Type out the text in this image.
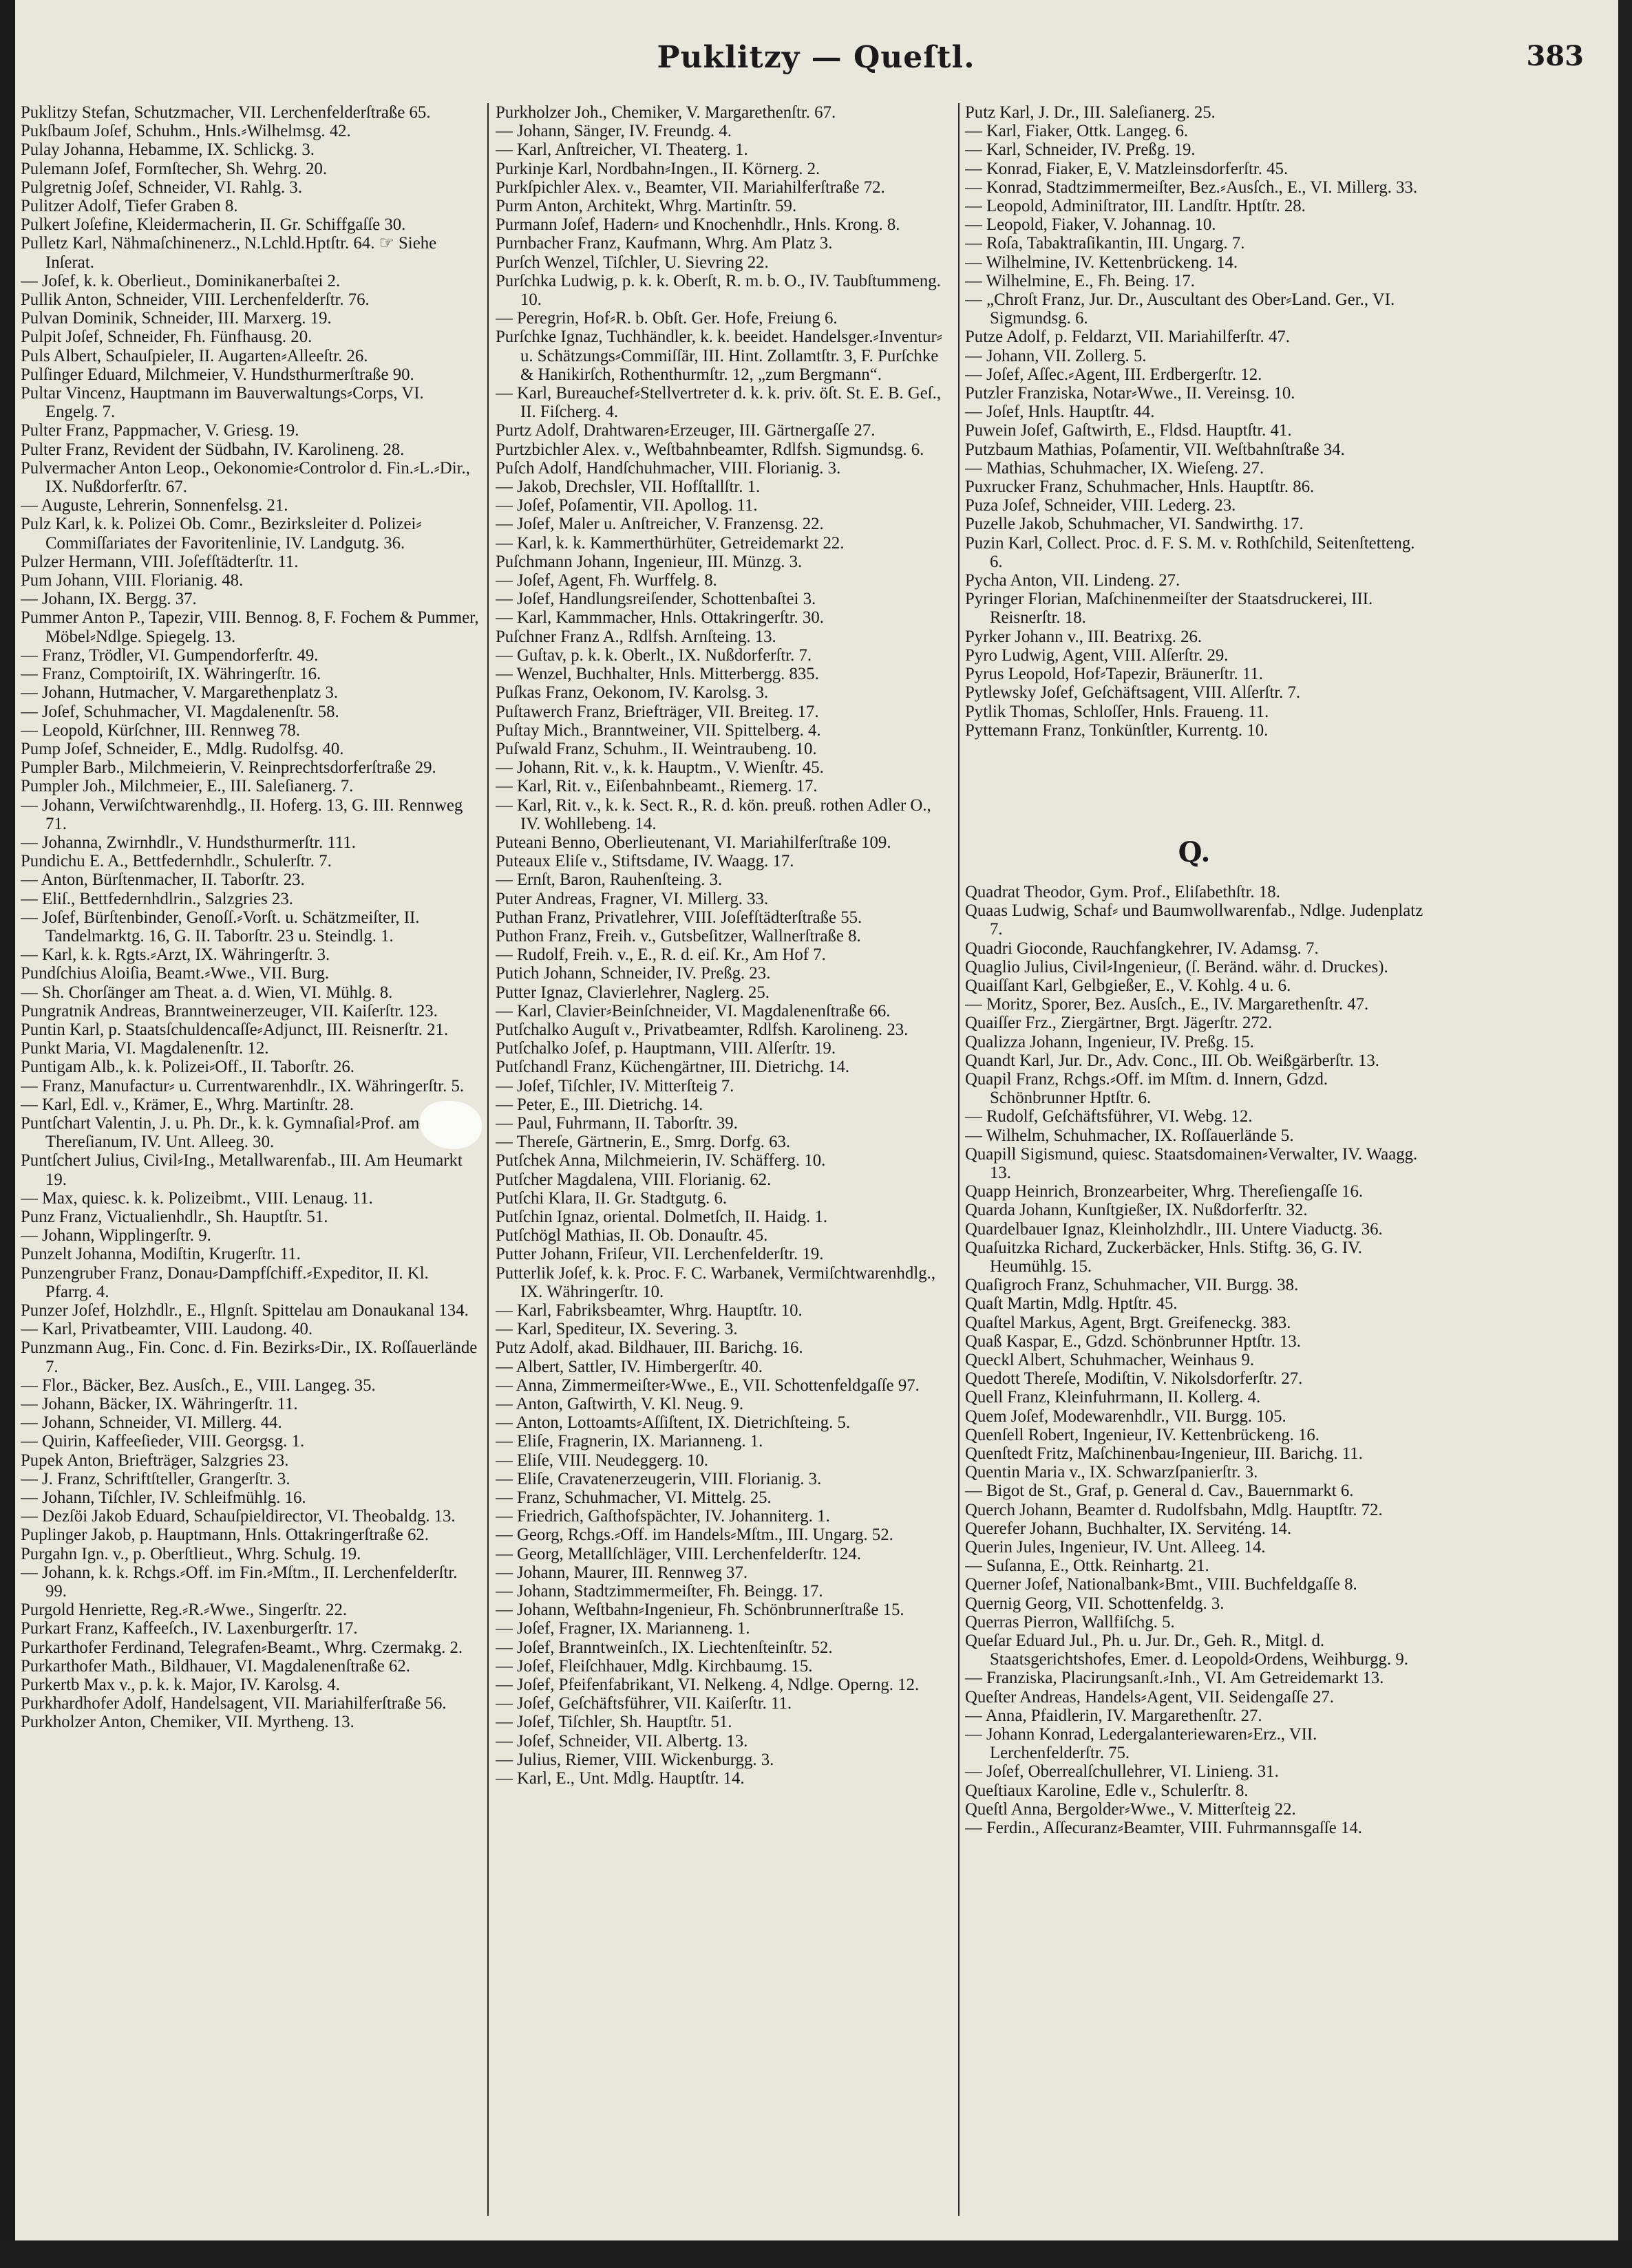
Puklitzy — Queſtl.	383

Puklitzy Stefan, Schutzmacher, VII. Lerchenfelderſtraße 65.

Pukſbaum Joſef, Schuhm., Hnls.⸗Wilhelmsg. 42.

Pulay Johanna, Hebamme, IX. Schlickg. 3.

Pulemann Joſef, Formſtecher, Sh. Wehrg. 20.

Pulgretnig Joſef, Schneider, VI. Rahlg. 3.

Pulitzer Adolf, Tiefer Graben 8.

Pulkert Joſefine, Kleidermacherin, II. Gr. Schiffgaſſe 30.

Pulletz Karl, Nähmaſchinenerz., N.Lchld.Hptſtr. 64. ☞ Siehe Inſerat.

— Joſef, k. k. Oberlieut., Dominikanerbaſtei 2.

Pullik Anton, Schneider, VIII. Lerchenfelderſtr. 76.

Pulvan Dominik, Schneider, III. Marxerg. 19.

Pulpit Joſef, Schneider, Fh. Fünfhausg. 20.

Puls Albert, Schauſpieler, II. Augarten⸗Alleeſtr. 26.

Pulſinger Eduard, Milchmeier, V. Hundsthurmerſtraße 90.

Pultar Vincenz, Hauptmann im Bauverwaltungs⸗Corps, VI. Engelg. 7.

Pulter Franz, Pappmacher, V. Griesg. 19.

Pulter Franz, Revident der Südbahn, IV. Karolineng. 28.

Pulvermacher Anton Leop., Oekonomie⸗Controlor d. Fin.⸗L.⸗Dir., IX. Nußdorferſtr. 67.

— Auguste, Lehrerin, Sonnenfelsg. 21.

Pulz Karl, k. k. Polizei Ob. Comr., Bezirksleiter d. Polizei⸗Commiſſariates der Favoritenlinie, IV. Landgutg. 36.

Pulzer Hermann, VIII. Joſefſtädterſtr. 11.

Pum Johann, VIII. Florianig. 48.

— Johann, IX. Bergg. 37.

Pummer Anton P., Tapezir, VIII. Bennog. 8, F. Fochem & Pummer, Möbel⸗Ndlge. Spiegelg. 13.

— Franz, Trödler, VI. Gumpendorferſtr. 49.

— Franz, Comptoiriſt, IX. Währingerſtr. 16.

— Johann, Hutmacher, V. Margarethenplatz 3.

— Joſef, Schuhmacher, VI. Magdalenenſtr. 58.

— Leopold, Kürſchner, III. Rennweg 78.

Pump Joſef, Schneider, E., Mdlg. Rudolfsg. 40.

Pumpler Barb., Milchmeierin, V. Reinprechtsdorferſtraße 29.

Pumpler Joh., Milchmeier, E., III. Saleſianerg. 7.

— Johann, Verwiſchtwarenhdlg., II. Hoferg. 13, G. III. Rennweg 71.

— Johanna, Zwirnhdlr., V. Hundsthurmerſtr. 111.

Pundichu E. A., Bettfedernhdlr., Schulerſtr. 7.

— Anton, Bürſtenmacher, II. Taborſtr. 23.

— Eliſ., Bettfedernhdlrin., Salzgries 23.

— Joſef, Bürſtenbinder, Genoſſ.⸗Vorſt. u. Schätzmeiſter, II. Tandelmarktg. 16, G. II. Taborſtr. 23 u. Steindlg. 1.

— Karl, k. k. Rgts.⸗Arzt, IX. Währingerſtr. 3.

Pundſchius Aloiſia, Beamt.⸗Wwe., VII. Burg.

— Sh. Chorſänger am Theat. a. d. Wien, VI. Mühlg. 8.

Pungratnik Andreas, Branntweinerzeuger, VII. Kaiſerſtr. 123.

Puntin Karl, p. Staatsſchuldencaſſe⸗Adjunct, III. Reisnerſtr. 21.

Punkt Maria, VI. Magdalenenſtr. 12.

Puntigam Alb., k. k. Polizei⸗Off., II. Taborſtr. 26.

— Franz, Manufactur⸗ u. Currentwarenhdlr., IX. Währingerſtr. 5.

— Karl, Edl. v., Krämer, E., Whrg. Martinſtr. 28.

Puntſchart Valentin, J. u. Ph. Dr., k. k. Gymnaſial⸗Prof. am Thereſianum, IV. Unt. Alleeg. 30.

Puntſchert Julius, Civil⸗Ing., Metallwarenfab., III. Am Heumarkt 19.

— Max, quiesc. k. k. Polizeibmt., VIII. Lenaug. 11.

Punz Franz, Victualienhdlr., Sh. Hauptſtr. 51.

— Johann, Wipplingerſtr. 9.

Punzelt Johanna, Modiſtin, Krugerſtr. 11.

Punzengruber Franz, Donau⸗Dampfſchiff.⸗Expeditor, II. Kl. Pfarrg. 4.

Punzer Joſef, Holzhdlr., E., Hlgnſt. Spittelau am Donaukanal 134.

— Karl, Privatbeamter, VIII. Laudong. 40.

Punzmann Aug., Fin. Conc. d. Fin. Bezirks⸗Dir., IX. Roſſauerlände 7.

— Flor., Bäcker, Bez. Ausſch., E., VIII. Langeg. 35.

— Johann, Bäcker, IX. Währingerſtr. 11.

— Johann, Schneider, VI. Millerg. 44.

— Quirin, Kaffeeſieder, VIII. Georgsg. 1.

Pupek Anton, Briefträger, Salzgries 23.

— J. Franz, Schriftſteller, Grangerſtr. 3.

— Johann, Tiſchler, IV. Schleifmühlg. 16.

— Dezſöi Jakob Eduard, Schauſpieldirector, VI. Theobaldg. 13.

Puplinger Jakob, p. Hauptmann, Hnls. Ottakringerſtraße 62.

Purgahn Ign. v., p. Oberſtlieut., Whrg. Schulg. 19.

— Johann, k. k. Rchgs.⸗Off. im Fin.⸗Mſtm., II. Lerchenfelderſtr. 99.

Purgold Henriette, Reg.⸗R.⸗Wwe., Singerſtr. 22.

Purkart Franz, Kaffeeſch., IV. Laxenburgerſtr. 17.

Purkarthofer Ferdinand, Telegrafen⸗Beamt., Whrg. Czermakg. 2.

Purkarthofer Math., Bildhauer, VI. Magdalenenſtraße 62.

Purkertb Max v., p. k. k. Major, IV. Karolsg. 4.

Purkhardhofer Adolf, Handelsagent, VII. Mariahilferſtraße 56.

Purkholzer Anton, Chemiker, VII. Myrtheng. 13.

Purkholzer Joh., Chemiker, V. Margarethenſtr. 67.

— Johann, Sänger, IV. Freundg. 4.

— Karl, Anſtreicher, VI. Theaterg. 1.

Purkinje Karl, Nordbahn⸗Ingen., II. Körnerg. 2.

Purkſpichler Alex. v., Beamter, VII. Mariahilferſtraße 72.

Purm Anton, Architekt, Whrg. Martinſtr. 59.

Purmann Joſef, Hadern⸗ und Knochenhdlr., Hnls. Krong. 8.

Purnbacher Franz, Kaufmann, Whrg. Am Platz 3.

Purſch Wenzel, Tiſchler, U. Sievring 22.

Purſchka Ludwig, p. k. k. Oberſt, R. m. b. O., IV. Taubſtummeng. 10.

— Peregrin, Hof⸗R. b. Obſt. Ger. Hofe, Freiung 6.

Purſchke Ignaz, Tuchhändler, k. k. beeidet. Handelsger.⸗Inventur⸗ u. Schätzungs⸗Commiſſär, III. Hint. Zollamtſtr. 3, F. Purſchke & Hanikirſch, Rothenthurmſtr. 12, „zum Bergmann“.

— Karl, Bureauchef⸗Stellvertreter d. k. k. priv. öſt. St. E. B. Geſ., II. Fiſcherg. 4.

Purtz Adolf, Drahtwaren⸗Erzeuger, III. Gärtnergaſſe 27.

Purtzbichler Alex. v., Weſtbahnbeamter, Rdlfsh. Sigmundsg. 6.

Puſch Adolf, Handſchuhmacher, VIII. Florianig. 3.

— Jakob, Drechsler, VII. Hofſtallſtr. 1.

— Joſef, Poſamentir, VII. Apollog. 11.

— Joſef, Maler u. Anſtreicher, V. Franzensg. 22.

— Karl, k. k. Kammerthürhüter, Getreidemarkt 22.

Puſchmann Johann, Ingenieur, III. Münzg. 3.

— Joſef, Agent, Fh. Wurffelg. 8.

— Joſef, Handlungsreiſender, Schottenbaſtei 3.

— Karl, Kammmacher, Hnls. Ottakringerſtr. 30.

Puſchner Franz A., Rdlfsh. Arnſteing. 13.

— Guſtav, p. k. k. Oberlt., IX. Nußdorferſtr. 7.

— Wenzel, Buchhalter, Hnls. Mitterbergg. 835.

Puſkas Franz, Oekonom, IV. Karolsg. 3.

Puſtawerch Franz, Briefträger, VII. Breiteg. 17.

Puſtay Mich., Branntweiner, VII. Spittelberg. 4.

Puſwald Franz, Schuhm., II. Weintraubeng. 10.

— Johann, Rit. v., k. k. Hauptm., V. Wienſtr. 45.

— Karl, Rit. v., Eiſenbahnbeamt., Riemerg. 17.

— Karl, Rit. v., k. k. Sect. R., R. d. kön. preuß. rothen Adler O., IV. Wohllebeng. 14.

Puteani Benno, Oberlieutenant, VI. Mariahilferſtraße 109.

Puteaux Eliſe v., Stiftsdame, IV. Waagg. 17.

— Ernſt, Baron, Rauhenſteing. 3.

Puter Andreas, Fragner, VI. Millerg. 33.

Puthan Franz, Privatlehrer, VIII. Joſefſtädterſtraße 55.

Puthon Franz, Freih. v., Gutsbeſitzer, Wallnerſtraße 8.

— Rudolf, Freih. v., E., R. d. eiſ. Kr., Am Hof 7.

Putich Johann, Schneider, IV. Preßg. 23.

Putter Ignaz, Clavierlehrer, Naglerg. 25.

— Karl, Clavier⸗Beinſchneider, VI. Magdalenenſtraße 66.

Putſchalko Auguſt v., Privatbeamter, Rdlfsh. Karolineng. 23.

Putſchalko Joſef, p. Hauptmann, VIII. Alſerſtr. 19.

Putſchandl Franz, Küchengärtner, III. Dietrichg. 14.

— Joſef, Tiſchler, IV. Mitterſteig 7.

— Peter, E., III. Dietrichg. 14.

— Paul, Fuhrmann, II. Taborſtr. 39.

— Thereſe, Gärtnerin, E., Smrg. Dorfg. 63.

Putſchek Anna, Milchmeierin, IV. Schäfferg. 10.

Putſcher Magdalena, VIII. Florianig. 62.

Putſchi Klara, II. Gr. Stadtgutg. 6.

Putſchin Ignaz, oriental. Dolmetſch, II. Haidg. 1.

Putſchögl Mathias, II. Ob. Donauſtr. 45.

Putter Johann, Friſeur, VII. Lerchenfelderſtr. 19.

Putterlik Joſef, k. k. Proc. F. C. Warbanek, Vermiſchtwarenhdlg., IX. Währingerſtr. 10.

— Karl, Fabriksbeamter, Whrg. Hauptſtr. 10.

— Karl, Spediteur, IX. Severing. 3.

Putz Adolf, akad. Bildhauer, III. Barichg. 16.

— Albert, Sattler, IV. Himbergerſtr. 40.

— Anna, Zimmermeiſter⸗Wwe., E., VII. Schottenfeldgaſſe 97.

— Anton, Gaſtwirth, V. Kl. Neug. 9.

— Anton, Lottoamts⸗Aſſiſtent, IX. Dietrichſteing. 5.

— Eliſe, Fragnerin, IX. Marianneng. 1.

— Eliſe, VIII. Neudeggerg. 10.

— Eliſe, Cravatenerzeugerin, VIII. Florianig. 3.

— Franz, Schuhmacher, VI. Mittelg. 25.

— Friedrich, Gaſthofspächter, IV. Johanniterg. 1.

— Georg, Rchgs.⸗Off. im Handels⸗Mſtm., III. Ungarg. 52.

— Georg, Metallſchläger, VIII. Lerchenfelderſtr. 124.

— Johann, Maurer, III. Rennweg 37.

— Johann, Stadtzimmermeiſter, Fh. Beingg. 17.

— Johann, Weſtbahn⸗Ingenieur, Fh. Schönbrunnerſtraße 15.

— Joſef, Fragner, IX. Marianneng. 1.

— Joſef, Branntweinſch., IX. Liechtenſteinſtr. 52.

— Joſef, Fleiſchhauer, Mdlg. Kirchbaumg. 15.

— Joſef, Pfeifenfabrikant, VI. Nelkeng. 4, Ndlge. Operng. 12.

— Joſef, Geſchäftsführer, VII. Kaiſerſtr. 11.

— Joſef, Tiſchler, Sh. Hauptſtr. 51.

— Joſef, Schneider, VII. Albertg. 13.

— Julius, Riemer, VIII. Wickenburgg. 3.

— Karl, E., Unt. Mdlg. Hauptſtr. 14.

Putz Karl, J. Dr., III. Saleſianerg. 25.

— Karl, Fiaker, Ottk. Langeg. 6.

— Karl, Schneider, IV. Preßg. 19.

— Konrad, Fiaker, E, V. Matzleinsdorferſtr. 45.

— Konrad, Stadtzimmermeiſter, Bez.⸗Ausſch., E., VI. Millerg. 33.

— Leopold, Adminiſtrator, III. Landſtr. Hptſtr. 28.

— Leopold, Fiaker, V. Johannag. 10.

— Roſa, Tabaktraſikantin, III. Ungarg. 7.

— Wilhelmine, IV. Kettenbrückeng. 14.

— Wilhelmine, E., Fh. Being. 17.

— „Chroſt Franz, Jur. Dr., Auscultant des Ober⸗Land. Ger., VI. Sigmundsg. 6.

Putze Adolf, p. Feldarzt, VII. Mariahilferſtr. 47.

— Johann, VII. Zollerg. 5.

— Joſef, Aſſec.⸗Agent, III. Erdbergerſtr. 12.

Putzler Franziska, Notar⸗Wwe., II. Vereinsg. 10.

— Joſef, Hnls. Hauptſtr. 44.

Puwein Joſef, Gaſtwirth, E., Fldsd. Hauptſtr. 41.

Putzbaum Mathias, Poſamentir, VII. Weſtbahnſtraße 34.

— Mathias, Schuhmacher, IX. Wieſeng. 27.

Puxrucker Franz, Schuhmacher, Hnls. Hauptſtr. 86.

Puza Joſef, Schneider, VIII. Lederg. 23.

Puzelle Jakob, Schuhmacher, VI. Sandwirthg. 17.

Puzin Karl, Collect. Proc. d. F. S. M. v. Rothſchild, Seitenſtetteng. 6.

Pycha Anton, VII. Lindeng. 27.

Pyringer Florian, Maſchinenmeiſter der Staatsdruckerei, III. Reisnerſtr. 18.

Pyrker Johann v., III. Beatrixg. 26.

Pyro Ludwig, Agent, VIII. Alſerſtr. 29.

Pyrus Leopold, Hof⸗Tapezir, Bräunerſtr. 11.

Pytlewsky Joſef, Geſchäftsagent, VIII. Alſerſtr. 7.

Pytlik Thomas, Schloſſer, Hnls. Fraueng. 11.

Pyttemann Franz, Tonkünſtler, Kurrentg. 10.

Q.

Quadrat Theodor, Gym. Prof., Eliſabethſtr. 18.

Quaas Ludwig, Schaf⸗ und Baumwollwarenfab., Ndlge. Judenplatz 7.

Quadri Gioconde, Rauchfangkehrer, IV. Adamsg. 7.

Quaglio Julius, Civil⸗Ingenieur, (ſ. Beränd. währ. d. Druckes).

Quaiſſant Karl, Gelbgießer, E., V. Kohlg. 4 u. 6.

— Moritz, Sporer, Bez. Ausſch., E., IV. Margarethenſtr. 47.

Quaiſſer Frz., Ziergärtner, Brgt. Jägerſtr. 272.

Qualizza Johann, Ingenieur, IV. Preßg. 15.

Quandt Karl, Jur. Dr., Adv. Conc., III. Ob. Weißgärberſtr. 13.

Quapil Franz, Rchgs.⸗Off. im Mſtm. d. Innern, Gdzd. Schönbrunner Hptſtr. 6.

— Rudolf, Geſchäftsführer, VI. Webg. 12.

— Wilhelm, Schuhmacher, IX. Roſſauerlände 5.

Quapill Sigismund, quiesc. Staatsdomainen⸗Verwalter, IV. Waagg. 13.

Quapp Heinrich, Bronzearbeiter, Whrg. Thereſiengaſſe 16.

Quarda Johann, Kunſtgießer, IX. Nußdorferſtr. 32.

Quardelbauer Ignaz, Kleinholzhdlr., III. Untere Viaductg. 36.

Quaſuitzka Richard, Zuckerbäcker, Hnls. Stiftg. 36, G. IV. Heumühlg. 15.

Quaſigroch Franz, Schuhmacher, VII. Burgg. 38.

Quaſt Martin, Mdlg. Hptſtr. 45.

Quaſtel Markus, Agent, Brgt. Greifeneckg. 383.

Quaß Kaspar, E., Gdzd. Schönbrunner Hptſtr. 13.

Queckl Albert, Schuhmacher, Weinhaus 9.

Quedott Thereſe, Modiſtin, V. Nikolsdorferſtr. 27.

Quell Franz, Kleinfuhrmann, II. Kollerg. 4.

Quem Joſef, Modewarenhdlr., VII. Burgg. 105.

Quenſell Robert, Ingenieur, IV. Kettenbrückeng. 16.

Quenſtedt Fritz, Maſchinenbau⸗Ingenieur, III. Barichg. 11.

Quentin Maria v., IX. Schwarzſpanierſtr. 3.

— Bigot de St., Graf, p. General d. Cav., Bauernmarkt 6.

Querch Johann, Beamter d. Rudolfsbahn, Mdlg. Hauptſtr. 72.

Querefer Johann, Buchhalter, IX. Serviténg. 14.

Querin Jules, Ingenieur, IV. Unt. Alleeg. 14.

— Suſanna, E., Ottk. Reinhartg. 21.

Querner Joſef, Nationalbank⸗Bmt., VIII. Buchfeldgaſſe 8.

Quernig Georg, VII. Schottenfeldg. 3.

Querras Pierron, Wallfiſchg. 5.

Queſar Eduard Jul., Ph. u. Jur. Dr., Geh. R., Mitgl. d. Staatsgerichtshofes, Emer. d. Leopold⸗Ordens, Weihburgg. 9.

— Franziska, Placirungsanſt.⸗Inh., VI. Am Getreidemarkt 13.

Queſter Andreas, Handels⸗Agent, VII. Seidengaſſe 27.

— Anna, Pfaidlerin, IV. Margarethenſtr. 27.

— Johann Konrad, Ledergalanteriewaren⸗Erz., VII. Lerchenfelderſtr. 75.

— Joſef, Oberrealſchullehrer, VI. Linieng. 31.

Queſtiaux Karoline, Edle v., Schulerſtr. 8.

Queſtl Anna, Bergolder⸗Wwe., V. Mitterſteig 22.

— Ferdin., Aſſecuranz⸗Beamter, VIII. Fuhrmannsgaſſe 14.
